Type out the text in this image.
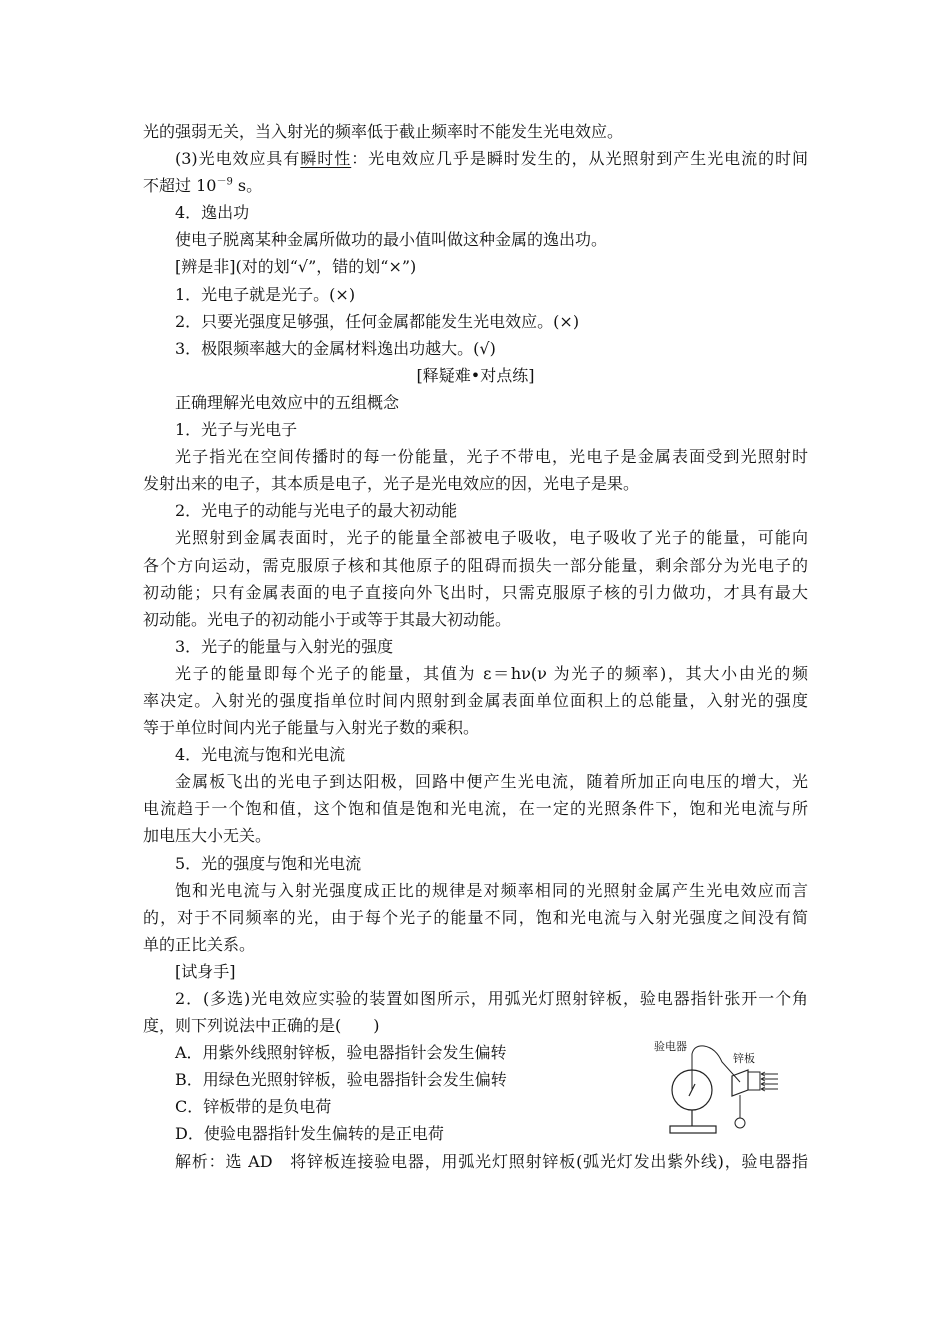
光的强弱无关，当入射光的频率低于截止频率时不能发生光电效应。
(3)光电效应具有瞬时性：光电效应几乎是瞬时发生的，从光照射到产生光电流的时间
不超过 $10^{-9}$ s。
4．逸出功
使电子脱离某种金属所做功的最小值叫做这种金属的逸出功。
[辨是非](对的划“√”，错的划“×”)
1．光电子就是光子。(×)
2．只要光强度足够强，任何金属都能发生光电效应。(×)
3．极限频率越大的金属材料逸出功越大。(√)
[释疑难•对点练]
正确理解光电效应中的五组概念
1．光子与光电子
光子指光在空间传播时的每一份能量，光子不带电，光电子是金属表面受到光照射时
发射出来的电子，其本质是电子，光子是光电效应的因，光电子是果。
2．光电子的动能与光电子的最大初动能
光照射到金属表面时，光子的能量全部被电子吸收，电子吸收了光子的能量，可能向
各个方向运动，需克服原子核和其他原子的阻碍而损失一部分能量，剩余部分为光电子的
初动能；只有金属表面的电子直接向外飞出时，只需克服原子核的引力做功，才具有最大
初动能。光电子的初动能小于或等于其最大初动能。
3．光子的能量与入射光的强度
光子的能量即每个光子的能量，其值为 ε＝hν(ν 为光子的频率)，其大小由光的频
率决定。入射光的强度指单位时间内照射到金属表面单位面积上的总能量，入射光的强度
等于单位时间内光子能量与入射光子数的乘积。
4．光电流与饱和光电流
金属板飞出的光电子到达阳极，回路中便产生光电流，随着所加正向电压的增大，光
电流趋于一个饱和值，这个饱和值是饱和光电流，在一定的光照条件下，饱和光电流与所
加电压大小无关。
5．光的强度与饱和光电流
饱和光电流与入射光强度成正比的规律是对频率相同的光照射金属产生光电效应而言
的，对于不同频率的光，由于每个光子的能量不同，饱和光电流与入射光强度之间没有简
单的正比关系。
[试身手]
2．(多选)光电效应实验的装置如图所示，用弧光灯照射锌板，验电器指针张开一个角
度，则下列说法中正确的是(　　)
A．用紫外线照射锌板，验电器指针会发生偏转
B．用绿色光照射锌板，验电器指针会发生偏转
C．锌板带的是负电荷
D．使验电器指针发生偏转的是正电荷
解析：选 AD　将锌板连接验电器，用弧光灯照射锌板(弧光灯发出紫外线)，验电器指
验电器
锌板
